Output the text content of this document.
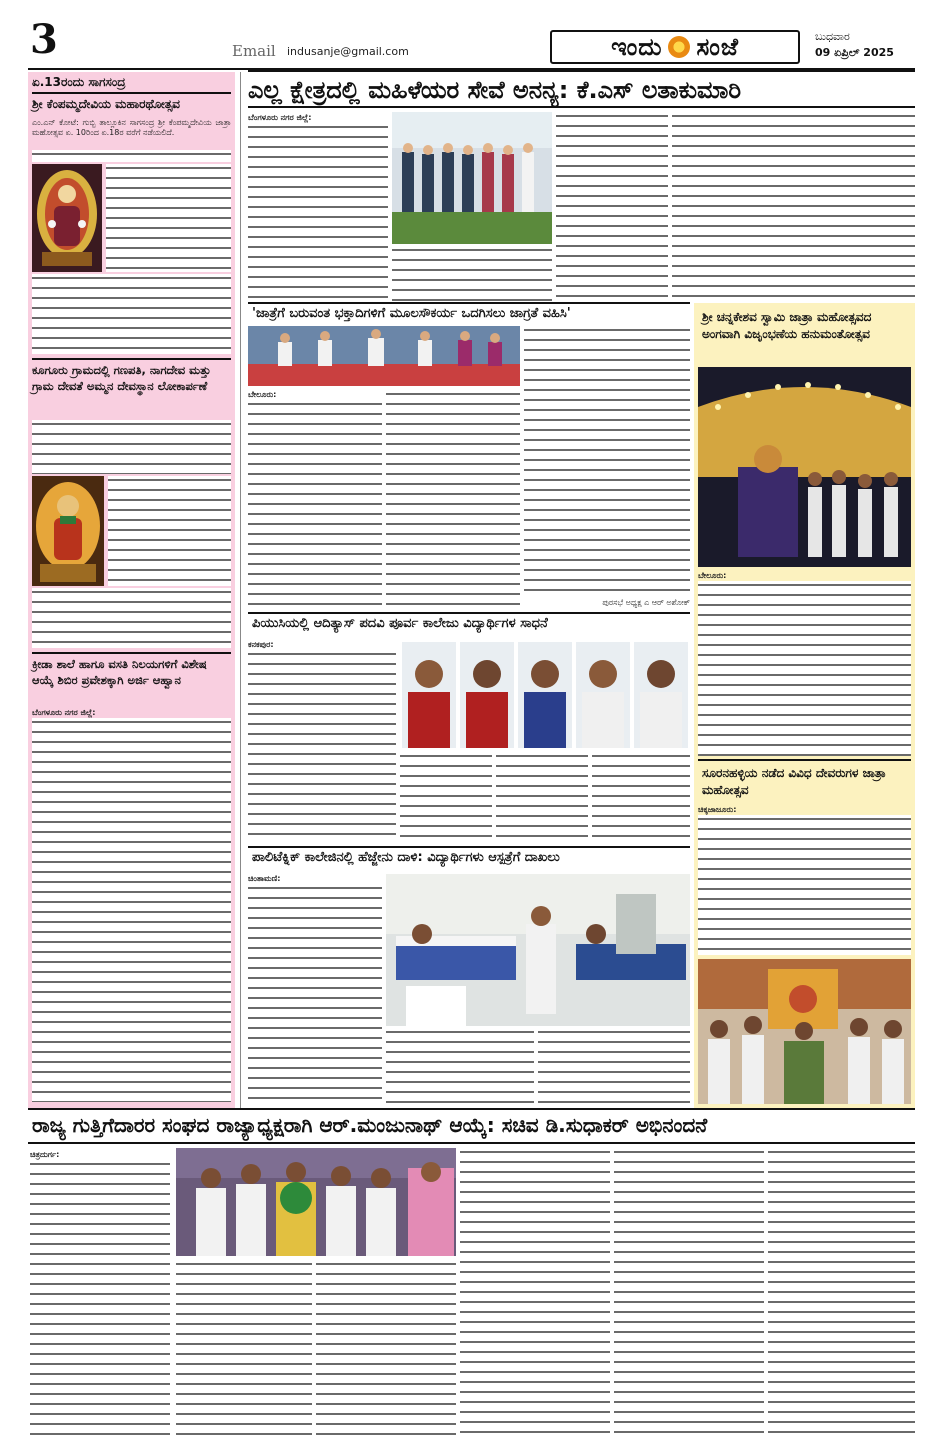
3	Email indusanje@gmail.com	ಇಂದು ಸಂಜೆ	ಬುಧವಾರ
09 ಏಪ್ರಿಲ್ 2025
ಏ.13ರಂದು ಸಾಗಸಂದ್ರ
ಶ್ರೀ ಕೆಂಪಮ್ಮದೇವಿಯ ಮಹಾರಥೋತ್ಸವ
ಎಂ.ಎನ್ ಕೋಟೆ: ಗುಬ್ಬಿ ತಾಲ್ಲೂಕಿನ ಸಾಗಸಂದ್ರ ಶ್ರೀ ಕೆಂಪಮ್ಮದೇವಿಯ ಜಾತ್ರಾ ಮಹೋತ್ಸವ ಏ. 10ರಿಂದ ಏ.18ರ ವರೆಗೆ ನಡೆಯಲಿದೆ.
ಕೂಗೂರು ಗ್ರಾಮದಲ್ಲಿ ಗಣಪತಿ, ನಾಗದೇವ ಮತ್ತು ಗ್ರಾಮ ದೇವತೆ ಅಮ್ಮನ ದೇವಸ್ಥಾನ ಲೋಕಾರ್ಪಣೆ
ಕ್ರೀಡಾ ಶಾಲೆ ಹಾಗೂ ವಸತಿ ನಿಲಯಗಳಿಗೆ ವಿಶೇಷ ಆಯ್ಕೆ ಶಿಬಿರ ಪ್ರವೇಶಕ್ಕಾಗಿ ಅರ್ಜಿ ಆಹ್ವಾನ
ಬೆಂಗಳೂರು ನಗರ ಜಿಲ್ಲೆ:
ಎಲ್ಲ ಕ್ಷೇತ್ರದಲ್ಲಿ ಮಹಿಳೆಯರ ಸೇವೆ ಅನನ್ಯ: ಕೆ.ಎಸ್ ಲತಾಕುಮಾರಿ
ಬೆಂಗಳೂರು ನಗರ ಜಿಲ್ಲೆ:
'ಜಾತ್ರೆಗೆ ಬರುವಂತ ಭಕ್ತಾದಿಗಳಿಗೆ ಮೂಲಸೌಕರ್ಯ ಒದಗಿಸಲು ಜಾಗ್ರತೆ ವಹಿಸಿ'
ಬೇಲೂರು:
ಪುರಸಭೆ ಅಧ್ಯಕ್ಷ ಎ ಆರ್ ಅಶೋಕ್
ಪಿಯುಸಿಯಲ್ಲಿ ಆದಿತ್ಯಾಸ್ ಪದವಿ ಪೂರ್ವ ಕಾಲೇಜು ವಿದ್ಯಾರ್ಥಿಗಳ ಸಾಧನೆ
ಕನಕಪುರ:
ಪಾಲಿಟೆಕ್ನಿಕ್ ಕಾಲೇಜಿನಲ್ಲಿ ಹೆಜ್ಜೇನು ದಾಳಿ: ವಿದ್ಯಾರ್ಥಿಗಳು ಆಸ್ಪತ್ರೆಗೆ ದಾಖಲು
ಚಿಂತಾಮಣಿ:
ಶ್ರೀ ಚನ್ನಕೇಶವ ಸ್ವಾಮಿ ಜಾತ್ರಾ ಮಹೋತ್ಸವದ ಅಂಗವಾಗಿ ವಿಜೃಂಭಣೆಯ ಹನುಮಂತೋತ್ಸವ
ಬೇಲೂರು:
ಸೂರನಹಳ್ಳಿಯ ನಡೆದ ವಿವಿಧ ದೇವರುಗಳ ಜಾತ್ರಾ ಮಹೋತ್ಸವ
ಚಿಕ್ಕಜಾಜೂರು:
ರಾಜ್ಯ ಗುತ್ತಿಗೆದಾರರ ಸಂಘದ ರಾಜ್ಯಾಧ್ಯಕ್ಷರಾಗಿ ಆರ್.ಮಂಜುನಾಥ್ ಆಯ್ಕೆ: ಸಚಿವ ಡಿ.ಸುಧಾಕರ್ ಅಭಿನಂದನೆ
ಚಿತ್ರದುರ್ಗ:
